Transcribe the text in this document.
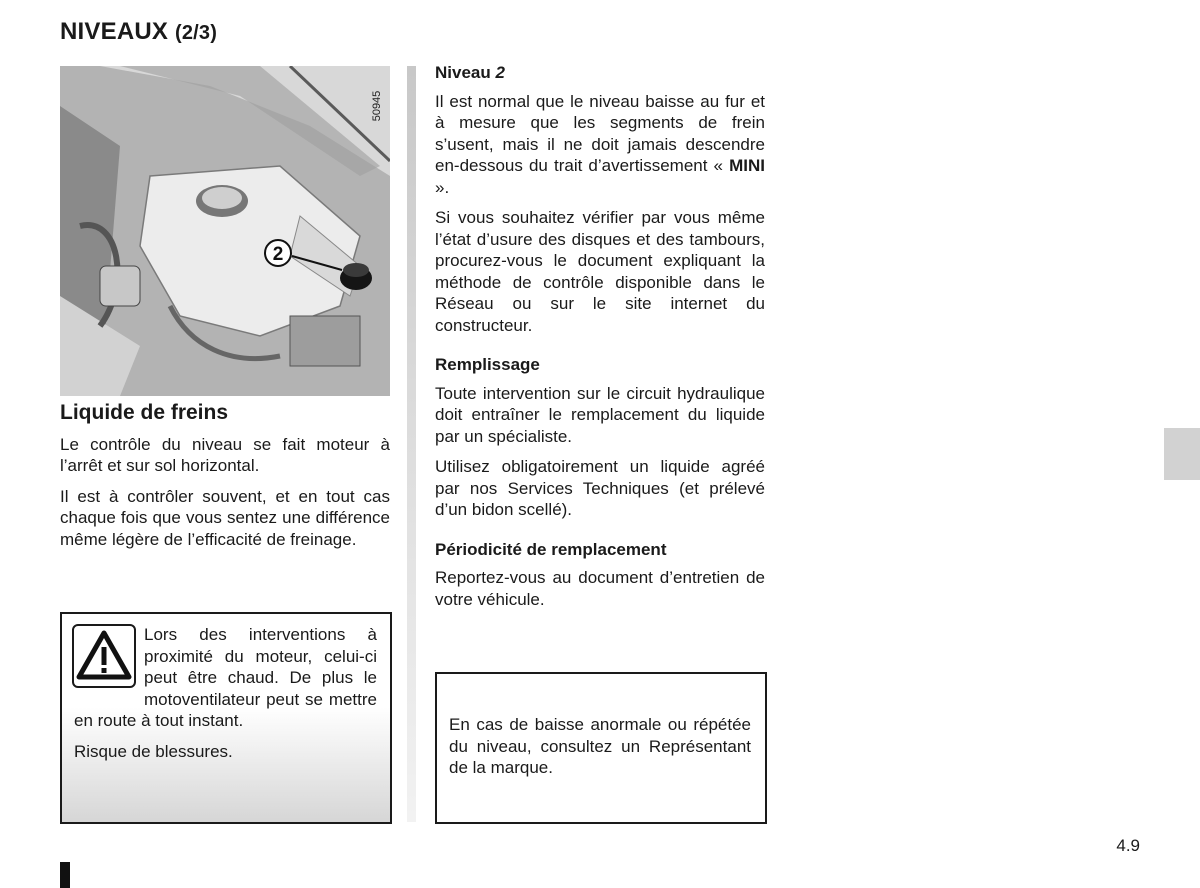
NIVEAUX (2/3)
2
50945
Liquide de freins

Le contrôle du niveau se fait moteur à l’arrêt et sur sol horizontal.

Il est à contrôler souvent, et en tout cas chaque fois que vous sentez une différence même légère de l’efficacité de freinage.

Lors des interventions à proximité du moteur, celui-ci peut être chaud. De plus le motoventilateur peut se mettre en route à tout instant.

Risque de blessures.

Niveau 2

Il est normal que le niveau baisse au fur et à mesure que les segments de frein s’usent, mais il ne doit jamais descendre en-dessous du trait d’avertissement « MINI ».

Si vous souhaitez vérifier par vous même l’état d’usure des disques et des tambours, procurez-vous le document expliquant la méthode de contrôle disponible dans le Réseau ou sur le site internet du constructeur.

Remplissage

Toute intervention sur le circuit hydraulique doit entraîner le remplacement du liquide par un spécialiste.

Utilisez obligatoirement un liquide agréé par nos Services Techniques (et prélevé d’un bidon scellé).

Périodicité de remplacement

Reportez-vous au document d’entretien de votre véhicule.

En cas de baisse anormale ou répétée du niveau, consultez un Représentant de la marque.
4.9
